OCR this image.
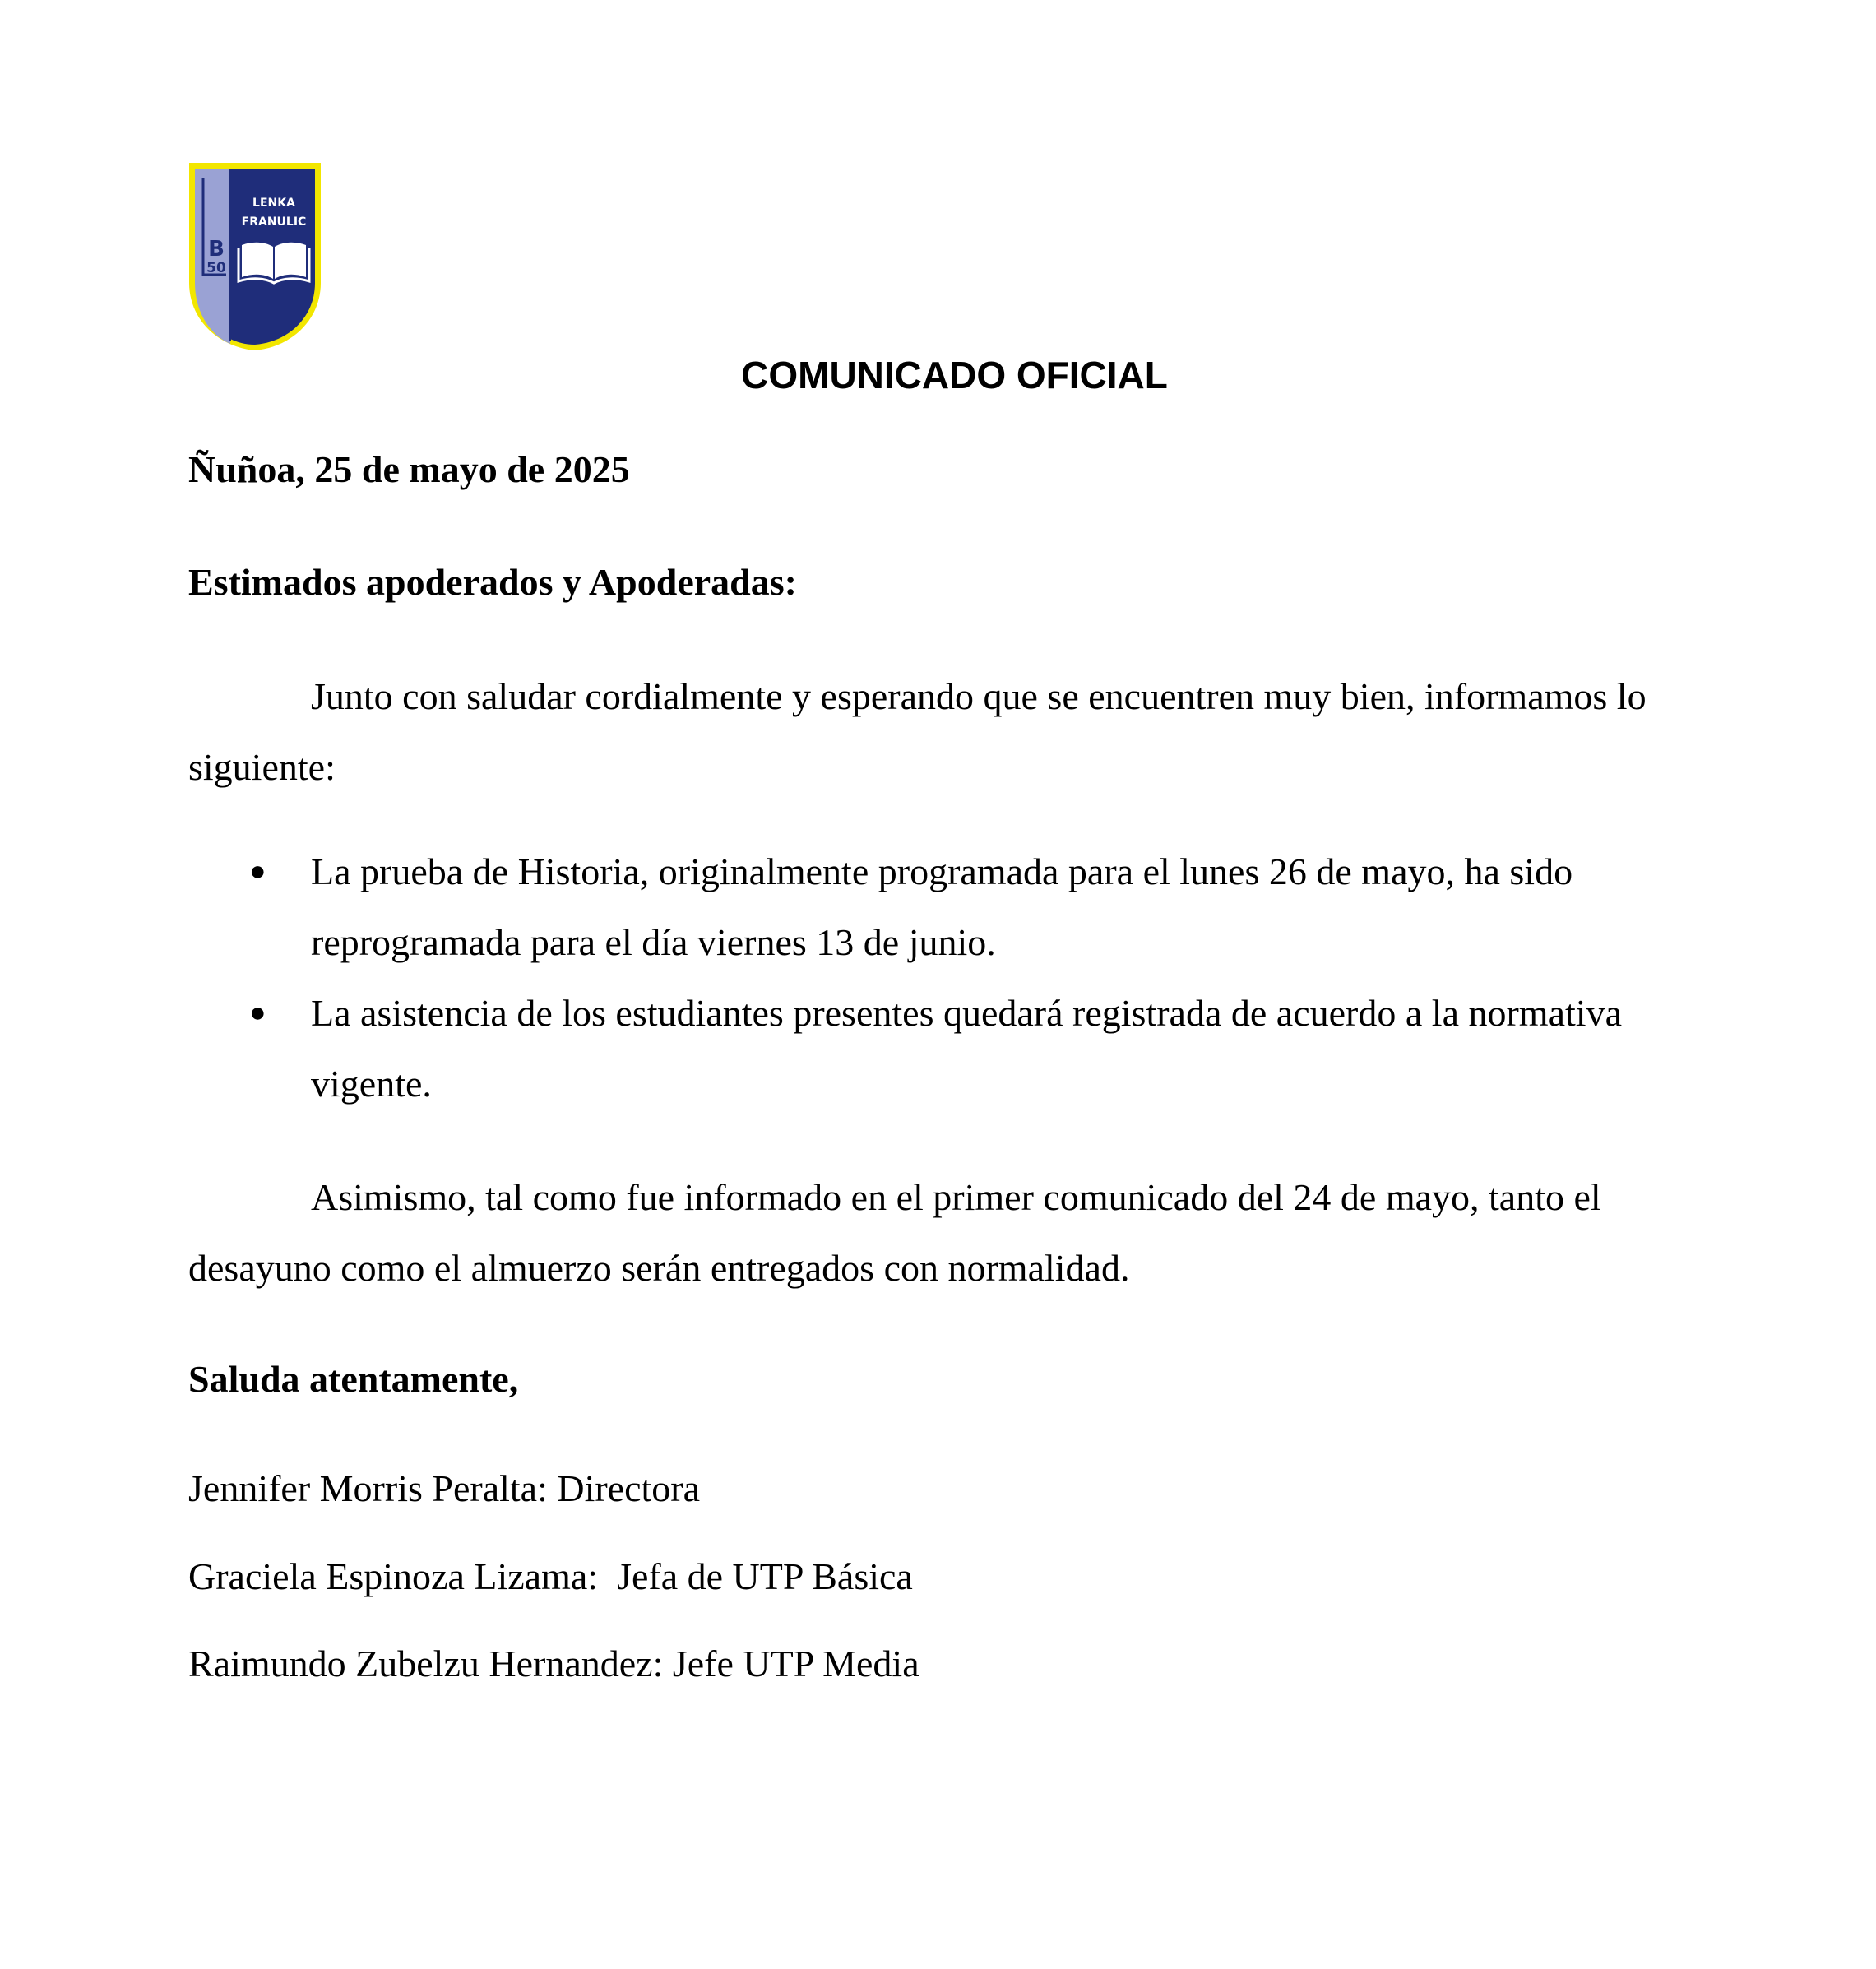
B
50
LENKA
FRANULIC
COMUNICADO OFICIAL
Ñuñoa, 25 de mayo de 2025
Estimados apoderados y Apoderadas:
Junto con saludar cordialmente y esperando que se encuentren muy bien, informamos lo siguiente:
● La prueba de Historia, originalmente programada para el lunes 26 de mayo, ha sido reprogramada para el día viernes 13 de junio.
● La asistencia de los estudiantes presentes quedará registrada de acuerdo a la normativa vigente.
Asimismo, tal como fue informado en el primer comunicado del 24 de mayo, tanto el desayuno como el almuerzo serán entregados con normalidad.
Saluda atentamente,
Jennifer Morris Peralta: Directora
Graciela Espinoza Lizama:  Jefa de UTP Básica
Raimundo Zubelzu Hernandez: Jefe UTP Media
